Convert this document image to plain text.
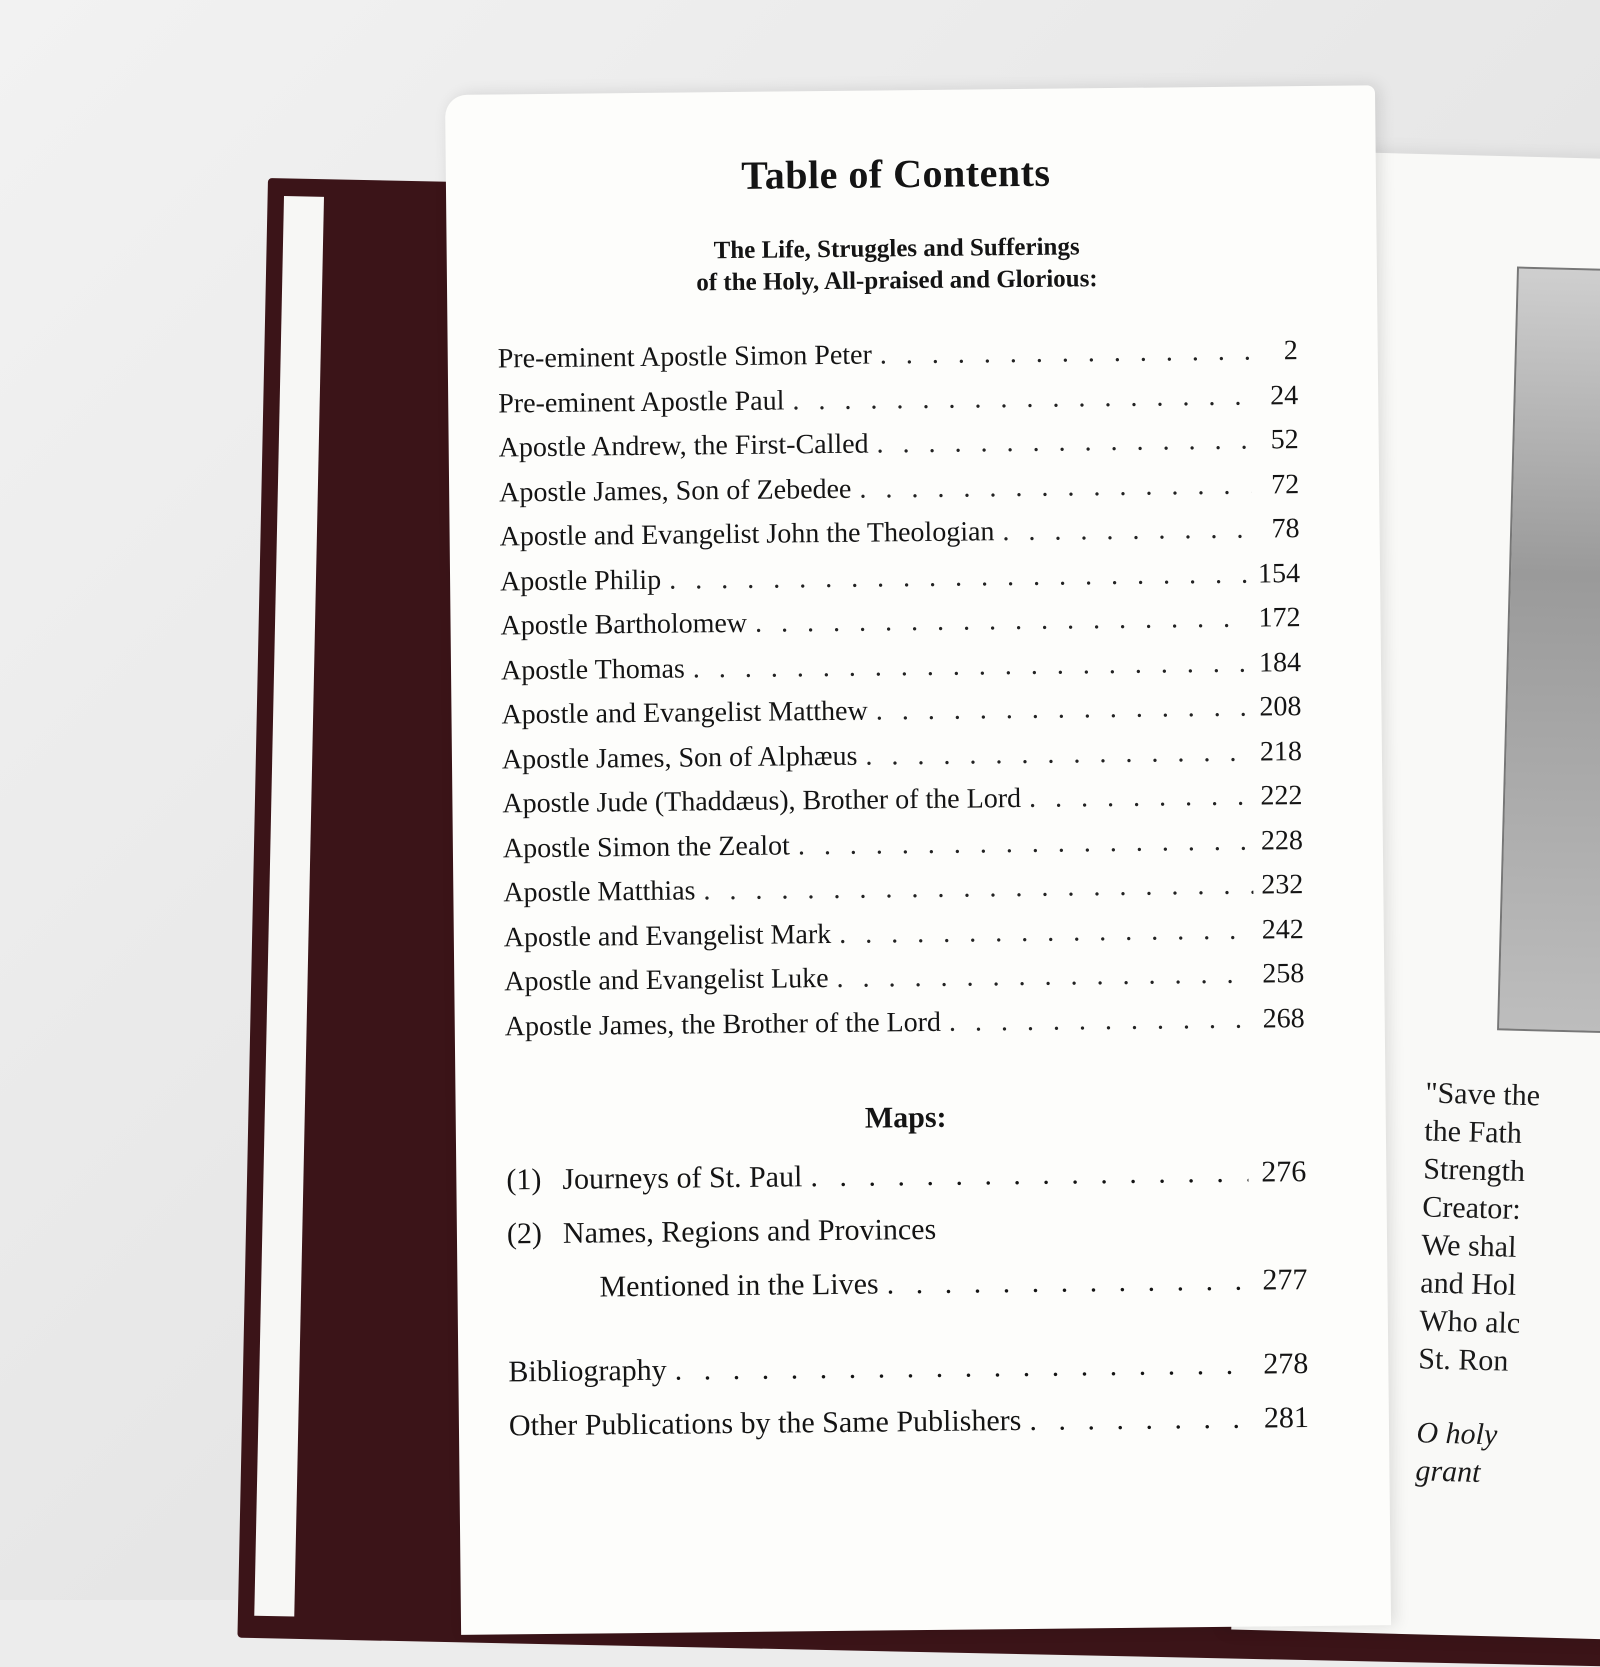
"Save the
the Fath
Strength
Creator:
We shal
and Hol
Who alc
St. Ron
O holy
grant
Table of Contents
The Life, Struggles and Sufferings
of the Holy, All-praised and Glorious:
Pre-eminent Apostle Simon Peter . . .	2
Pre-eminent Apostle Paul . . .	24
Apostle Andrew, the First-Called . . .	52
Apostle James, Son of Zebedee . . .	72
Apostle and Evangelist John the Theologian . . .	78
Apostle Philip . . .	154
Apostle Bartholomew . . .	172
Apostle Thomas . . .	184
Apostle and Evangelist Matthew . . .	208
Apostle James, Son of Alphæus . . .	218
Apostle Jude (Thaddæus), Brother of the Lord . . .	222
Apostle Simon the Zealot . . .	228
Apostle Matthias . . .	232
Apostle and Evangelist Mark . . .	242
Apostle and Evangelist Luke . . .	258
Apostle James, the Brother of the Lord . . .	268
Maps:
(1) Journeys of St. Paul . . .	276
(2) Names, Regions and Provinces
Mentioned in the Lives . . .	277
Bibliography . . .	278
Other Publications by the Same Publishers . . .	281
